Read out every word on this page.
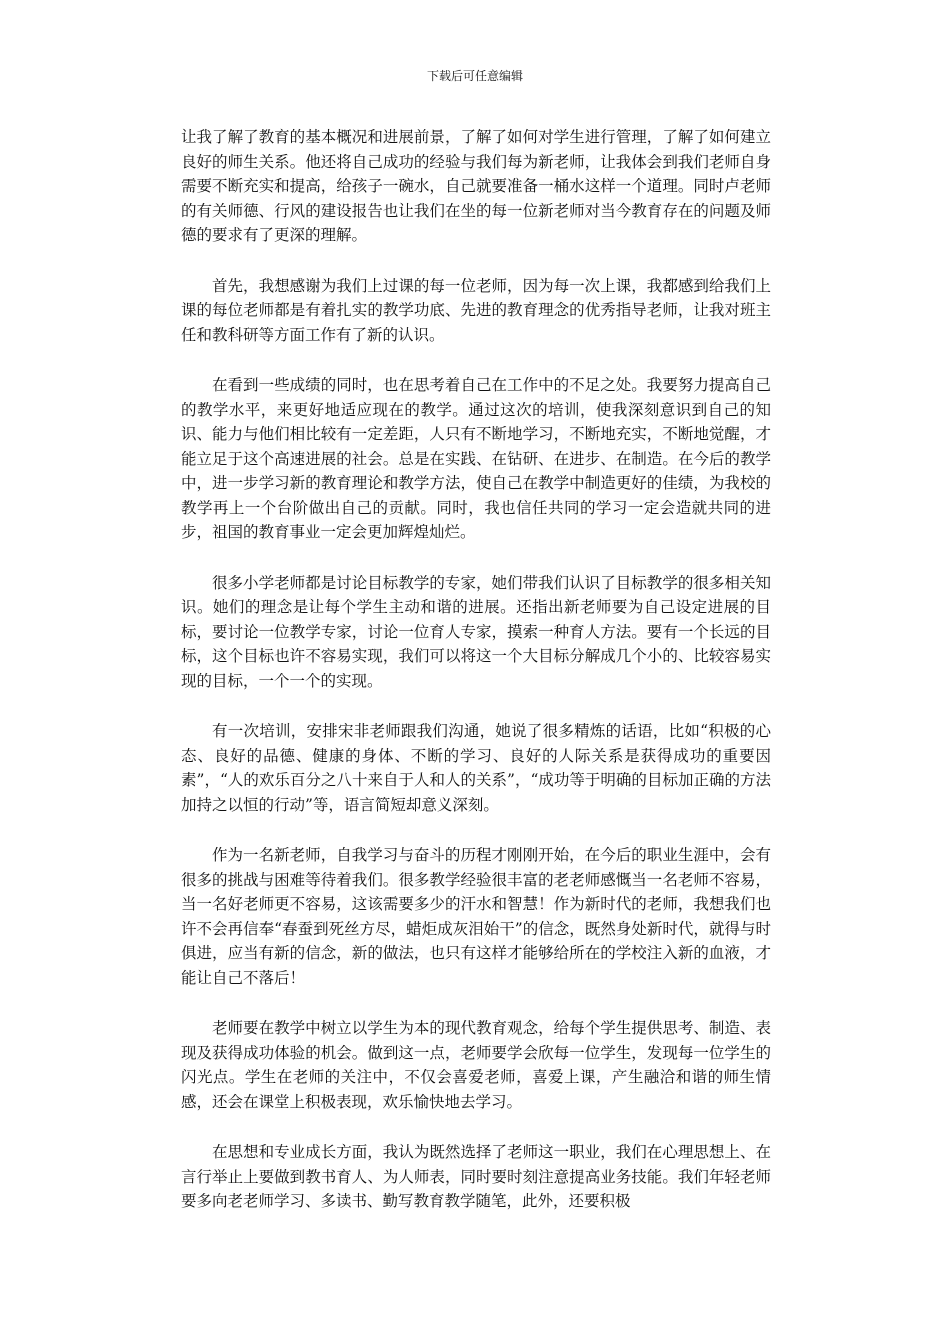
下载后可任意编辑

让我了解了教育的基本概况和进展前景，了解了如何对学生进行管理，了解了如何建立良好的师生关系。他还将自己成功的经验与我们每为新老师，让我体会到我们老师自身需要不断充实和提高，给孩子一碗水，自己就要准备一桶水这样一个道理。同时卢老师的有关师德、行风的建设报告也让我们在坐的每一位新老师对当今教育存在的问题及师德的要求有了更深的理解。

首先，我想感谢为我们上过课的每一位老师，因为每一次上课，我都感到给我们上课的每位老师都是有着扎实的教学功底、先进的教育理念的优秀指导老师，让我对班主任和教科研等方面工作有了新的认识。

在看到一些成绩的同时，也在思考着自己在工作中的不足之处。我要努力提高自己的教学水平，来更好地适应现在的教学。通过这次的培训，使我深刻意识到自己的知识、能力与他们相比较有一定差距，人只有不断地学习，不断地充实，不断地觉醒，才能立足于这个高速进展的社会。总是在实践、在钻研、在进步、在制造。在今后的教学中，进一步学习新的教育理论和教学方法，使自己在教学中制造更好的佳绩，为我校的教学再上一个台阶做出自己的贡献。同时，我也信任共同的学习一定会造就共同的进步，祖国的教育事业一定会更加辉煌灿烂。

很多小学老师都是讨论目标教学的专家，她们带我们认识了目标教学的很多相关知识。她们的理念是让每个学生主动和谐的进展。还指出新老师要为自己设定进展的目标，要讨论一位教学专家，讨论一位育人专家，摸索一种育人方法。要有一个长远的目标，这个目标也许不容易实现，我们可以将这一个大目标分解成几个小的、比较容易实现的目标，一个一个的实现。

有一次培训，安排宋非老师跟我们沟通，她说了很多精炼的话语，比如“积极的心态、良好的品德、健康的身体、不断的学习、良好的人际关系是获得成功的重要因素”，“人的欢乐百分之八十来自于人和人的关系”，“成功等于明确的目标加正确的方法加持之以恒的行动”等，语言简短却意义深刻。

作为一名新老师，自我学习与奋斗的历程才刚刚开始，在今后的职业生涯中，会有很多的挑战与困难等待着我们。很多教学经验很丰富的老老师感慨当一名老师不容易，当一名好老师更不容易，这该需要多少的汗水和智慧！作为新时代的老师，我想我们也许不会再信奉“春蚕到死丝方尽，蜡炬成灰泪始干”的信念，既然身处新时代，就得与时俱进，应当有新的信念，新的做法，也只有这样才能够给所在的学校注入新的血液，才能让自己不落后！

老师要在教学中树立以学生为本的现代教育观念，给每个学生提供思考、制造、表现及获得成功体验的机会。做到这一点，老师要学会欣每一位学生，发现每一位学生的闪光点。学生在老师的关注中，不仅会喜爱老师，喜爱上课，产生融洽和谐的师生情感，还会在课堂上积极表现，欢乐愉快地去学习。

在思想和专业成长方面，我认为既然选择了老师这一职业，我们在心理思想上、在言行举止上要做到教书育人、为人师表，同时要时刻注意提高业务技能。我们年轻老师要多向老老师学习、多读书、勤写教育教学随笔，此外，还要积极
